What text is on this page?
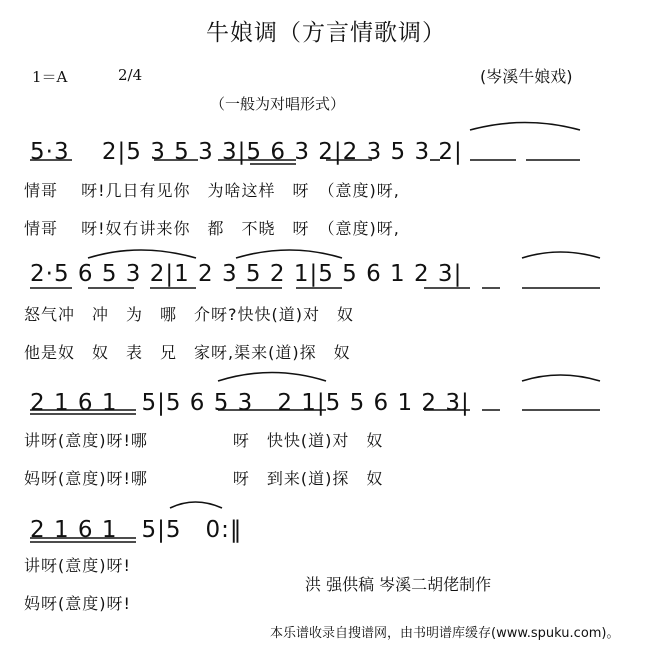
牛娘调（方言情歌调）
1＝A	2/4	(岑溪牛娘戏)
（一般为对唱形式）
5·3　 2|5 3 5 3 3|5 6 3 2|2 3 5 3 2|
情哥　 呀!几日有见你　为啥这样　呀　（意度)呀,
情哥　 呀!奴冇讲来你　都　不晓　呀　（意度)呀,
2·5 6 5 3 2|1 2 3 5 2 1|5 5 6 1 2 3|
怒气冲　冲　为　哪　介呀?快快(道)对　奴
他是奴　奴　表　兄　家呀,渠来(道)探　奴
2 1 6 1　5|5 6 5 3　2 1|5 5 6 1 2 3|
讲呀(意度)呀!哪　　　　　呀　快快(道)对　奴
妈呀(意度)呀!哪　　　　　呀　到来(道)探　奴
2 1 6 1　5|5　0:‖
讲呀(意度)呀!
妈呀(意度)呀!
洪 强供稿 岑溪二胡佬制作
本乐谱收录自搜谱网，由书明谱库缓存(www.spuku.com)。
